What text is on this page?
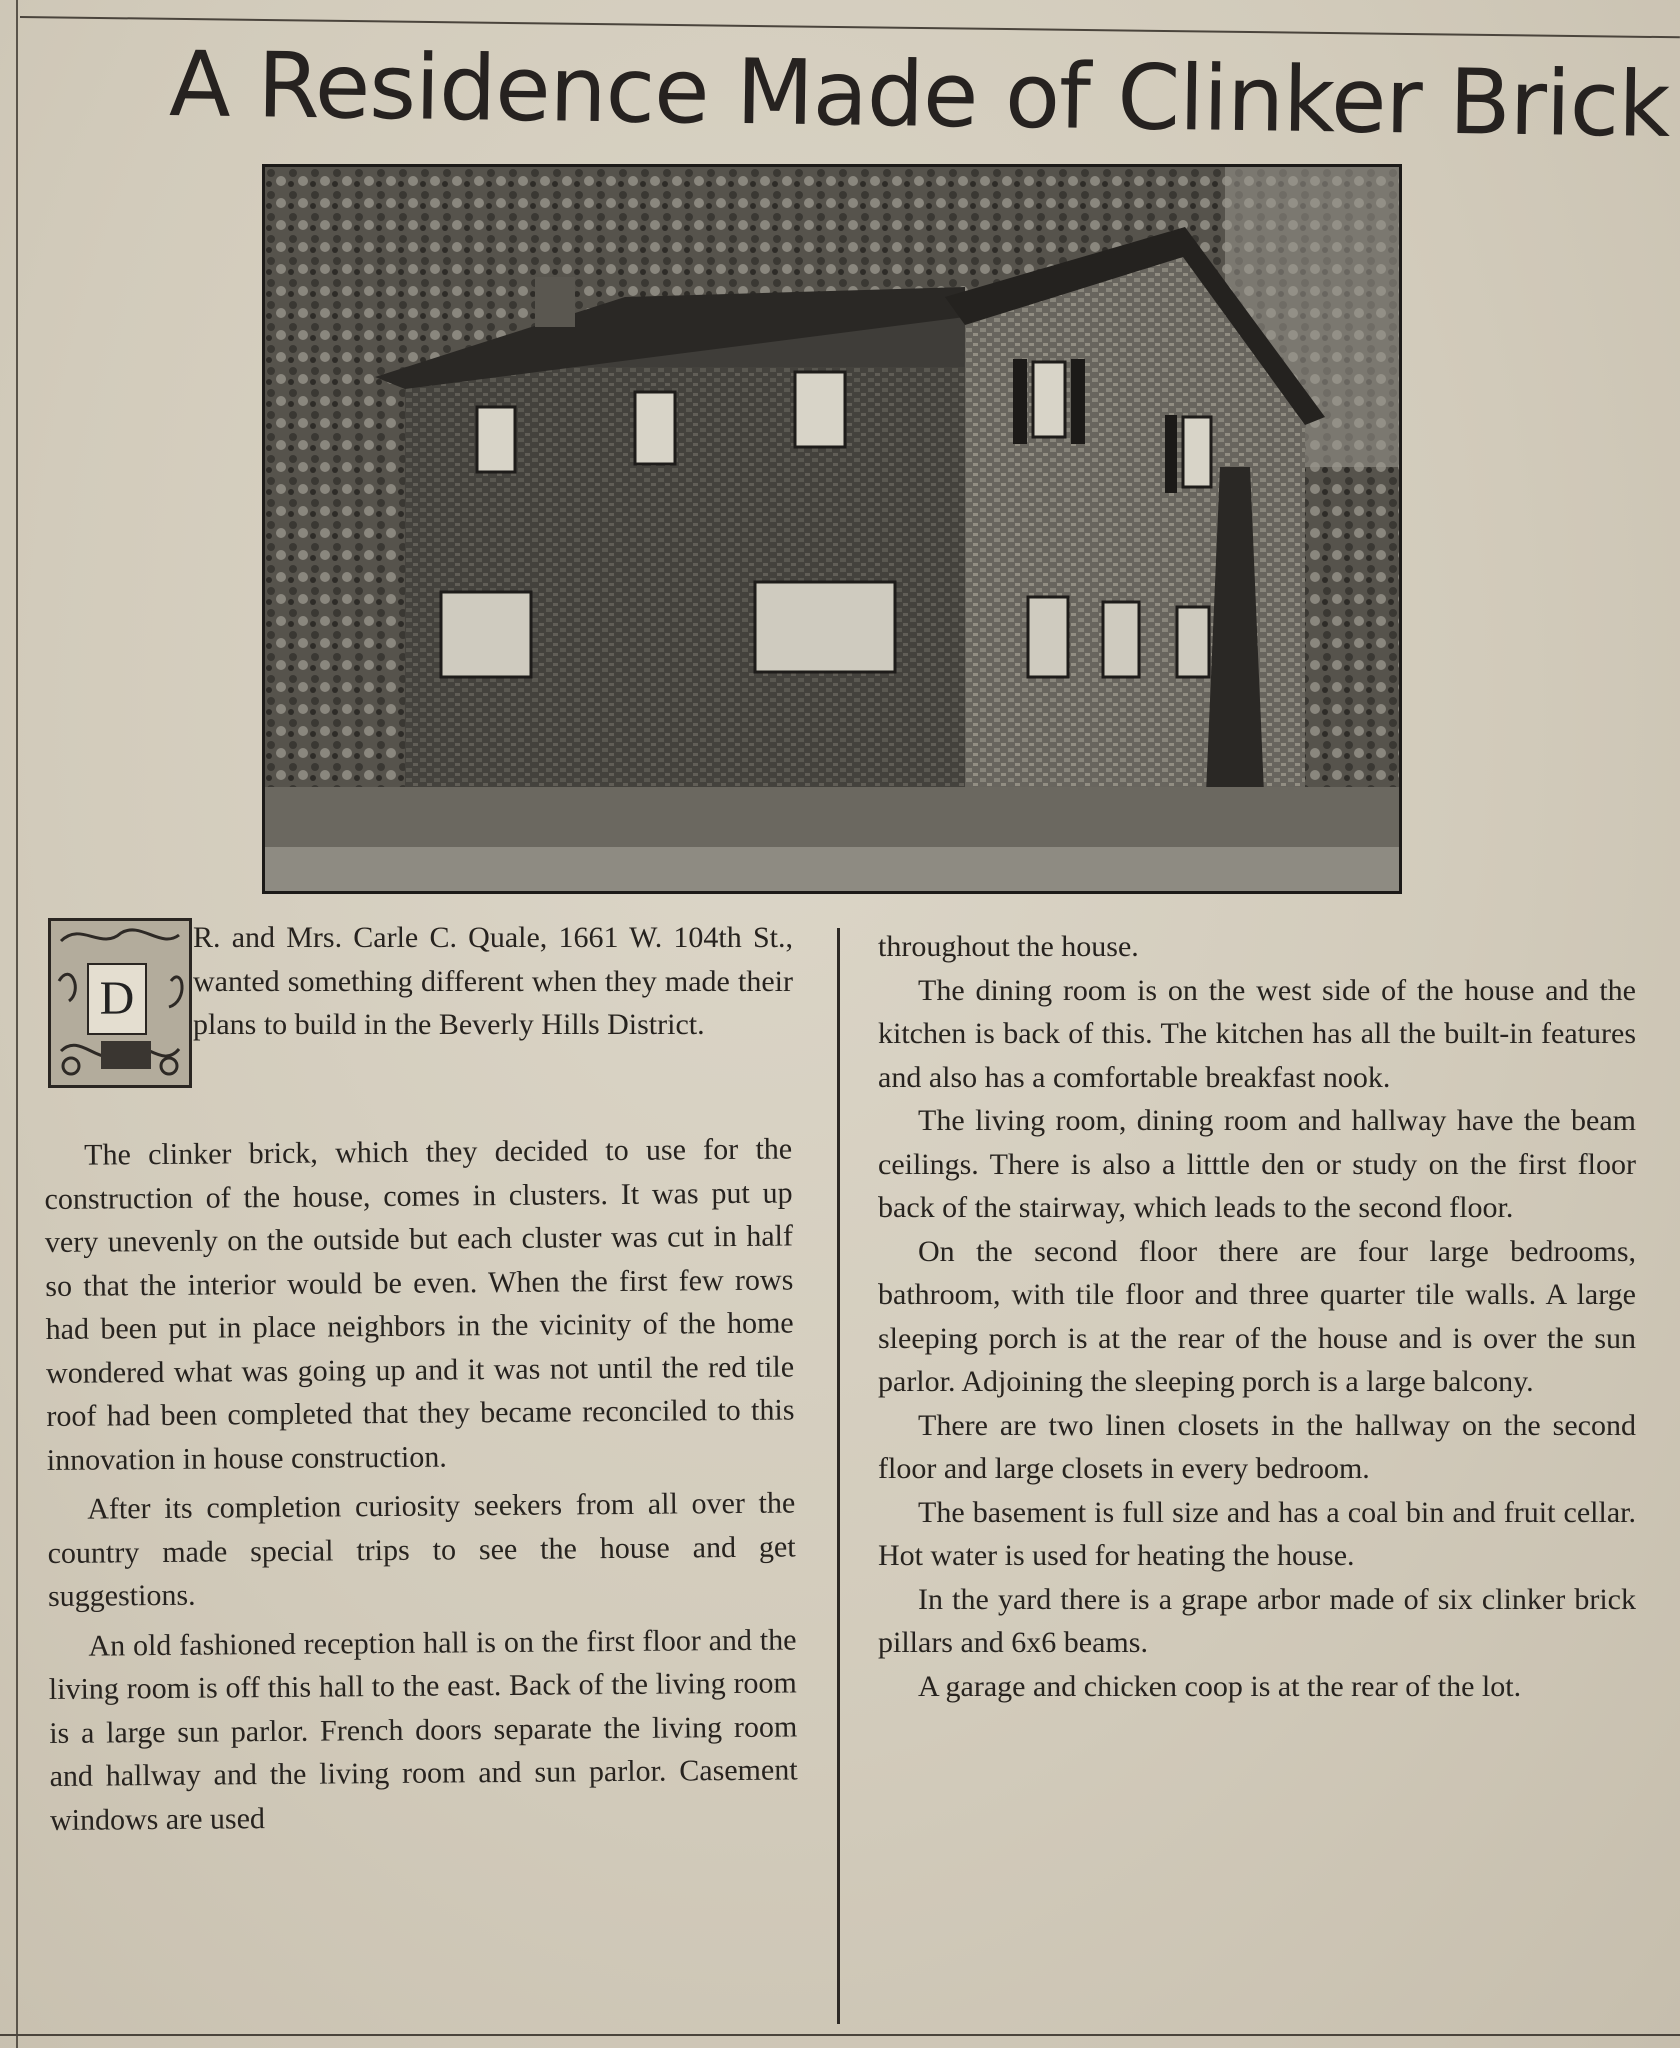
A Residence Made of Clinker Brick
D

R. and Mrs. Carle C. Quale, 1661 W. 104th St., wanted something different when they made their plans to build in the Beverly Hills District.

The clinker brick, which they decided to use for the construction of the house, comes in clusters. It was put up very unevenly on the outside but each cluster was cut in half so that the interior would be even. When the first few rows had been put in place neighbors in the vicinity of the home wondered what was going up and it was not until the red tile roof had been completed that they became reconciled to this innovation in house construction.

After its completion curiosity seekers from all over the country made special trips to see the house and get suggestions.

An old fashioned reception hall is on the first floor and the living room is off this hall to the east. Back of the living room is a large sun parlor. French doors separate the living room and hallway and the living room and sun parlor. Casement windows are used

throughout the house.

The dining room is on the west side of the house and the kitchen is back of this. The kitchen has all the built-in features and also has a comfortable breakfast nook.

The living room, dining room and hallway have the beam ceilings. There is also a litttle den or study on the first floor back of the stairway, which leads to the second floor.

On the second floor there are four large bedrooms, bathroom, with tile floor and three quarter tile walls. A large sleeping porch is at the rear of the house and is over the sun parlor. Adjoining the sleeping porch is a large balcony.

There are two linen closets in the hallway on the second floor and large closets in every bedroom.

The basement is full size and has a coal bin and fruit cellar. Hot water is used for heating the house.

In the yard there is a grape arbor made of six clinker brick pillars and 6x6 beams.

A garage and chicken coop is at the rear of the lot.
